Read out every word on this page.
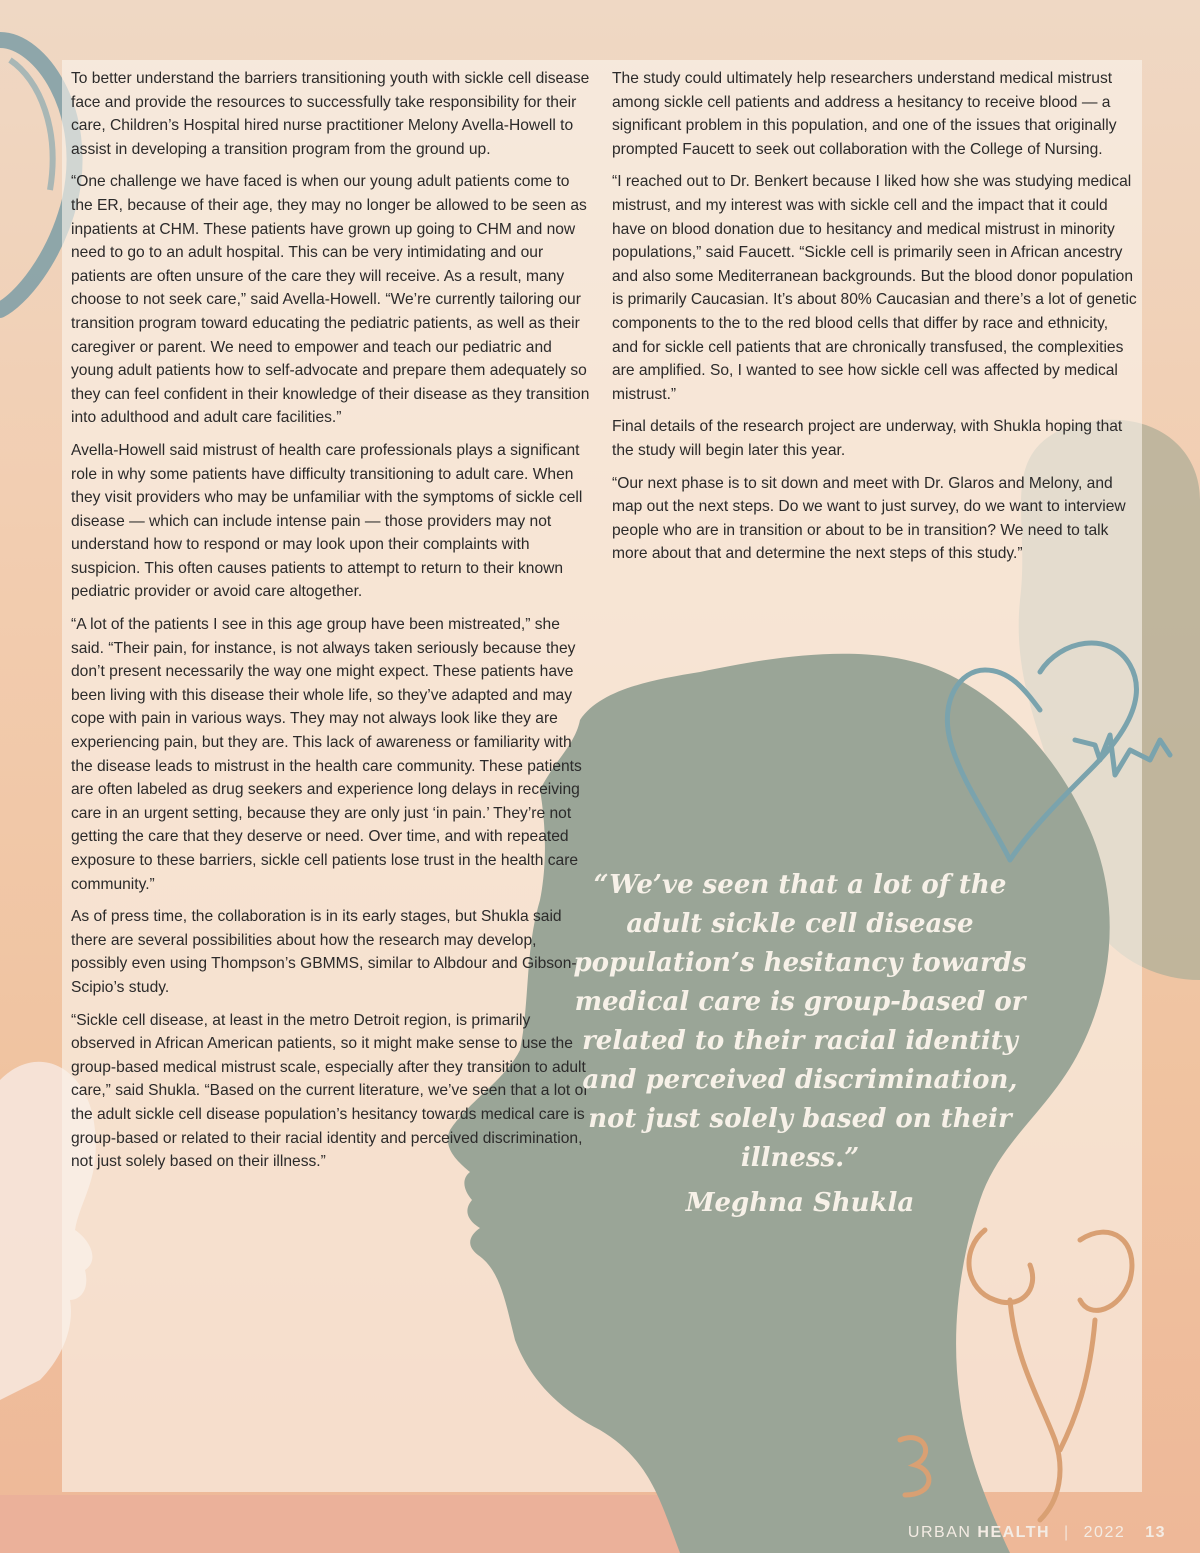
To better understand the barriers transitioning youth with sickle cell disease face and provide the resources to successfully take responsibility for their care, Children’s Hospital hired nurse practitioner Melony Avella-Howell to assist in developing a transition program from the ground up.

“One challenge we have faced is when our young adult patients come to the ER, because of their age, they may no longer be allowed to be seen as inpatients at CHM. These patients have grown up going to CHM and now need to go to an adult hospital. This can be very intimidating and our patients are often unsure of the care they will receive. As a result, many choose to not seek care,” said Avella-Howell. “We’re currently tailoring our transition program toward educating the pediatric patients, as well as their caregiver or parent. We need to empower and teach our pediatric and young adult patients how to self-advocate and prepare them adequately so they can feel confident in their knowledge of their disease as they transition into adulthood and adult care facilities.”

Avella-Howell said mistrust of health care professionals plays a significant role in why some patients have difficulty transitioning to adult care. When they visit providers who may be unfamiliar with the symptoms of sickle cell disease — which can include intense pain — those providers may not understand how to respond or may look upon their complaints with suspicion. This often causes patients to attempt to return to their known pediatric provider or avoid care altogether.

“A lot of the patients I see in this age group have been mistreated,” she said. “Their pain, for instance, is not always taken seriously because they don’t present necessarily the way one might expect. These patients have been living with this disease their whole life, so they’ve adapted and may cope with pain in various ways. They may not always look like they are experiencing pain, but they are. This lack of awareness or familiarity with the disease leads to mistrust in the health care community. These patients are often labeled as drug seekers and experience long delays in receiving care in an urgent setting, because they are only just ‘in pain.’ They’re not getting the care that they deserve or need. Over time, and with repeated exposure to these barriers, sickle cell patients lose trust in the health care community.”

As of press time, the collaboration is in its early stages, but Shukla said there are several possibilities about how the research may develop, possibly even using Thompson’s GBMMS, similar to Albdour and Gibson-Scipio’s study.

“Sickle cell disease, at least in the metro Detroit region, is primarily observed in African American patients, so it might make sense to use the group-based medical mistrust scale, especially after they transition to adult care,” said Shukla. “Based on the current literature, we’ve seen that a lot of the adult sickle cell disease population’s hesitancy towards medical care is group-based or related to their racial identity and perceived discrimination, not just solely based on their illness.”

The study could ultimately help researchers understand medical mistrust among sickle cell patients and address a hesitancy to receive blood — a significant problem in this population, and one of the issues that originally prompted Faucett to seek out collaboration with the College of Nursing.

“I reached out to Dr. Benkert because I liked how she was studying medical mistrust, and my interest was with sickle cell and the impact that it could have on blood donation due to hesitancy and medical mistrust in minority populations,” said Faucett. “Sickle cell is primarily seen in African ancestry and also some Mediterranean backgrounds. But the blood donor population is primarily Caucasian. It’s about 80% Caucasian and there’s a lot of genetic components to the to the red blood cells that differ by race and ethnicity, and for sickle cell patients that are chronically transfused, the complexities are amplified. So, I wanted to see how sickle cell was affected by medical mistrust.”

Final details of the research project are underway, with Shukla hoping that the study will begin later this year.

“Our next phase is to sit down and meet with Dr. Glaros and Melony, and map out the next steps. Do we want to just survey, do we want to interview people who are in transition or about to be in transition? We need to talk more about that and determine the next steps of this study.”

“We’ve seen that a lot of the adult sickle cell disease population’s hesitancy towards medical care is group-based or related to their racial identity and perceived discrimination, not just solely based on their illness.”
Meghna Shukla
URBAN HEALTH | 2022 13
